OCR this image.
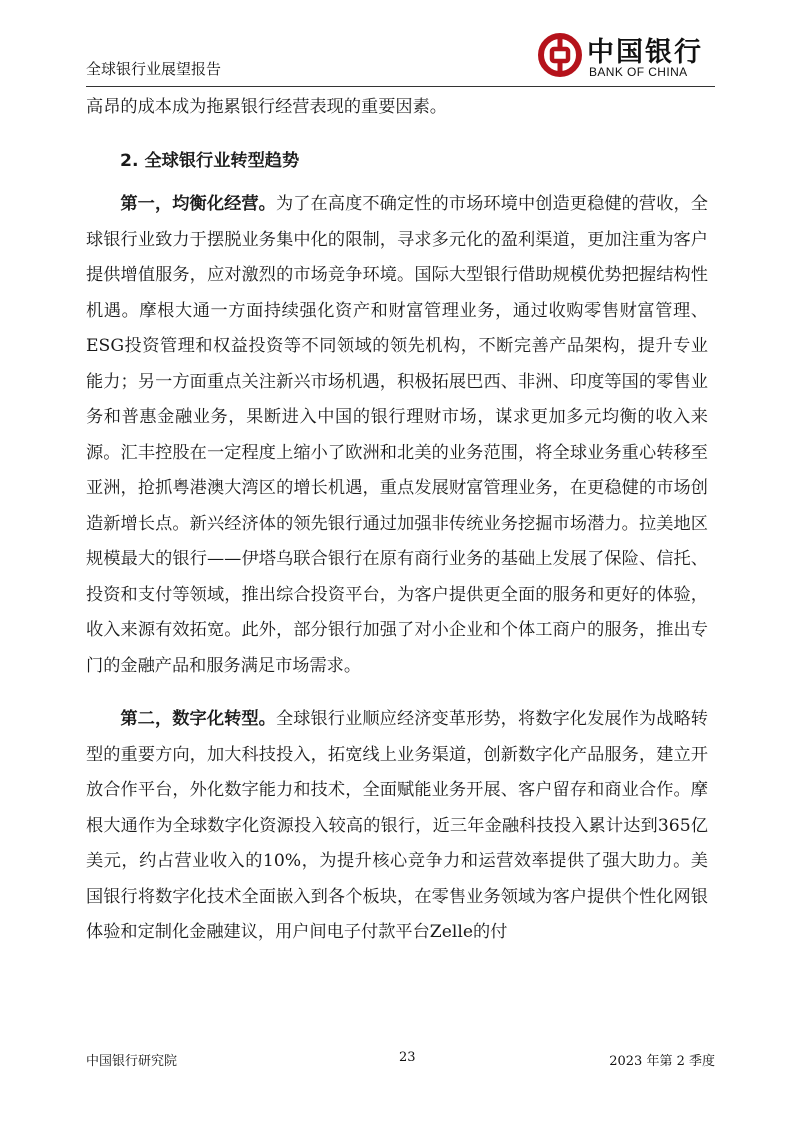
全球银行业展望报告
中国银行
BANK OF CHINA

高昂的成本成为拖累银行经营表现的重要因素。

2. 全球银行业转型趋势

第一，均衡化经营。为了在高度不确定性的市场环境中创造更稳健的营收，全球银行业致力于摆脱业务集中化的限制，寻求多元化的盈利渠道，更加注重为客户提供增值服务，应对激烈的市场竞争环境。国际大型银行借助规模优势把握结构性机遇。摩根大通一方面持续强化资产和财富管理业务，通过收购零售财富管理、ESG投资管理和权益投资等不同领域的领先机构，不断完善产品架构，提升专业能力；另一方面重点关注新兴市场机遇，积极拓展巴西、非洲、印度等国的零售业务和普惠金融业务，果断进入中国的银行理财市场，谋求更加多元均衡的收入来源。汇丰控股在一定程度上缩小了欧洲和北美的业务范围，将全球业务重心转移至亚洲，抢抓粤港澳大湾区的增长机遇，重点发展财富管理业务，在更稳健的市场创造新增长点。新兴经济体的领先银行通过加强非传统业务挖掘市场潜力。拉美地区规模最大的银行——伊塔乌联合银行在原有商行业务的基础上发展了保险、信托、投资和支付等领域，推出综合投资平台，为客户提供更全面的服务和更好的体验，收入来源有效拓宽。此外，部分银行加强了对小企业和个体工商户的服务，推出专门的金融产品和服务满足市场需求。

第二，数字化转型。全球银行业顺应经济变革形势，将数字化发展作为战略转型的重要方向，加大科技投入，拓宽线上业务渠道，创新数字化产品服务，建立开放合作平台，外化数字能力和技术，全面赋能业务开展、客户留存和商业合作。摩根大通作为全球数字化资源投入较高的银行，近三年金融科技投入累计达到365亿美元，约占营业收入的10%，为提升核心竞争力和运营效率提供了强大助力。美国银行将数字化技术全面嵌入到各个板块，在零售业务领域为客户提供个性化网银体验和定制化金融建议，用户间电子付款平台Zelle的付

中国银行研究院	23	2023 年第 2 季度
